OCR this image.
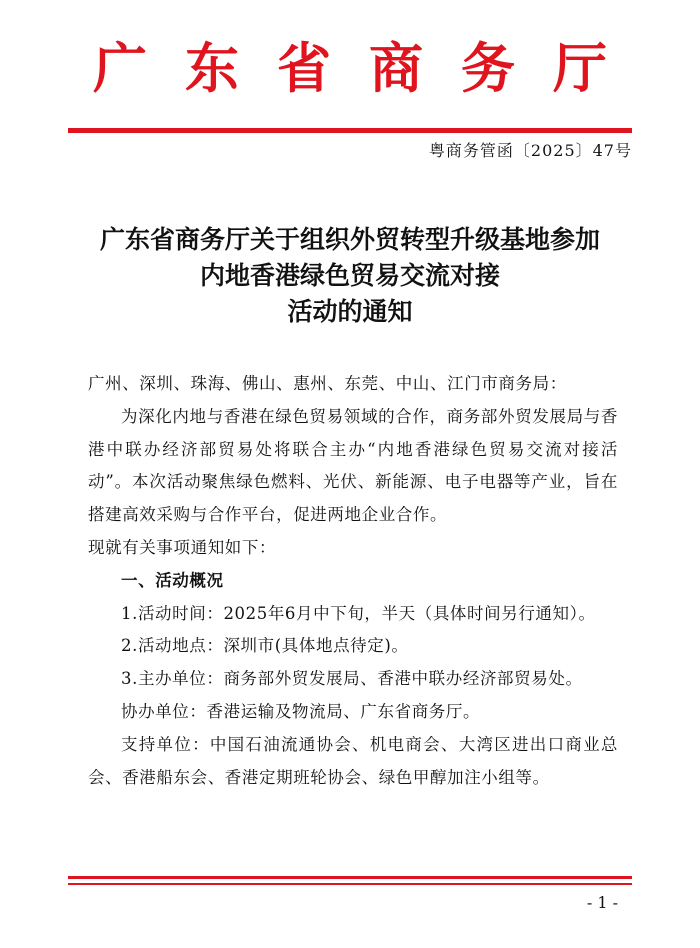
广东省商务厅
粤商务管函〔2025〕47号
广东省商务厅关于组织外贸转型升级基地参加
内地香港绿色贸易交流对接
活动的通知

广州、深圳、珠海、佛山、惠州、东莞、中山、江门市商务局：

为深化内地与香港在绿色贸易领域的合作，商务部外贸发展局与香港中联办经济部贸易处将联合主办“内地香港绿色贸易交流对接活动”。本次活动聚焦绿色燃料、光伏、新能源、电子电器等产业，旨在搭建高效采购与合作平台，促进两地企业合作。

现就有关事项通知如下：

一、活动概况

1.活动时间：2025年6月中下旬，半天（具体时间另行通知）。

2.活动地点：深圳市(具体地点待定)。

3.主办单位：商务部外贸发展局、香港中联办经济部贸易处。

协办单位：香港运输及物流局、广东省商务厅。

支持单位：中国石油流通协会、机电商会、大湾区进出口商业总会、香港船东会、香港定期班轮协会、绿色甲醇加注小组等。

- 1 -
